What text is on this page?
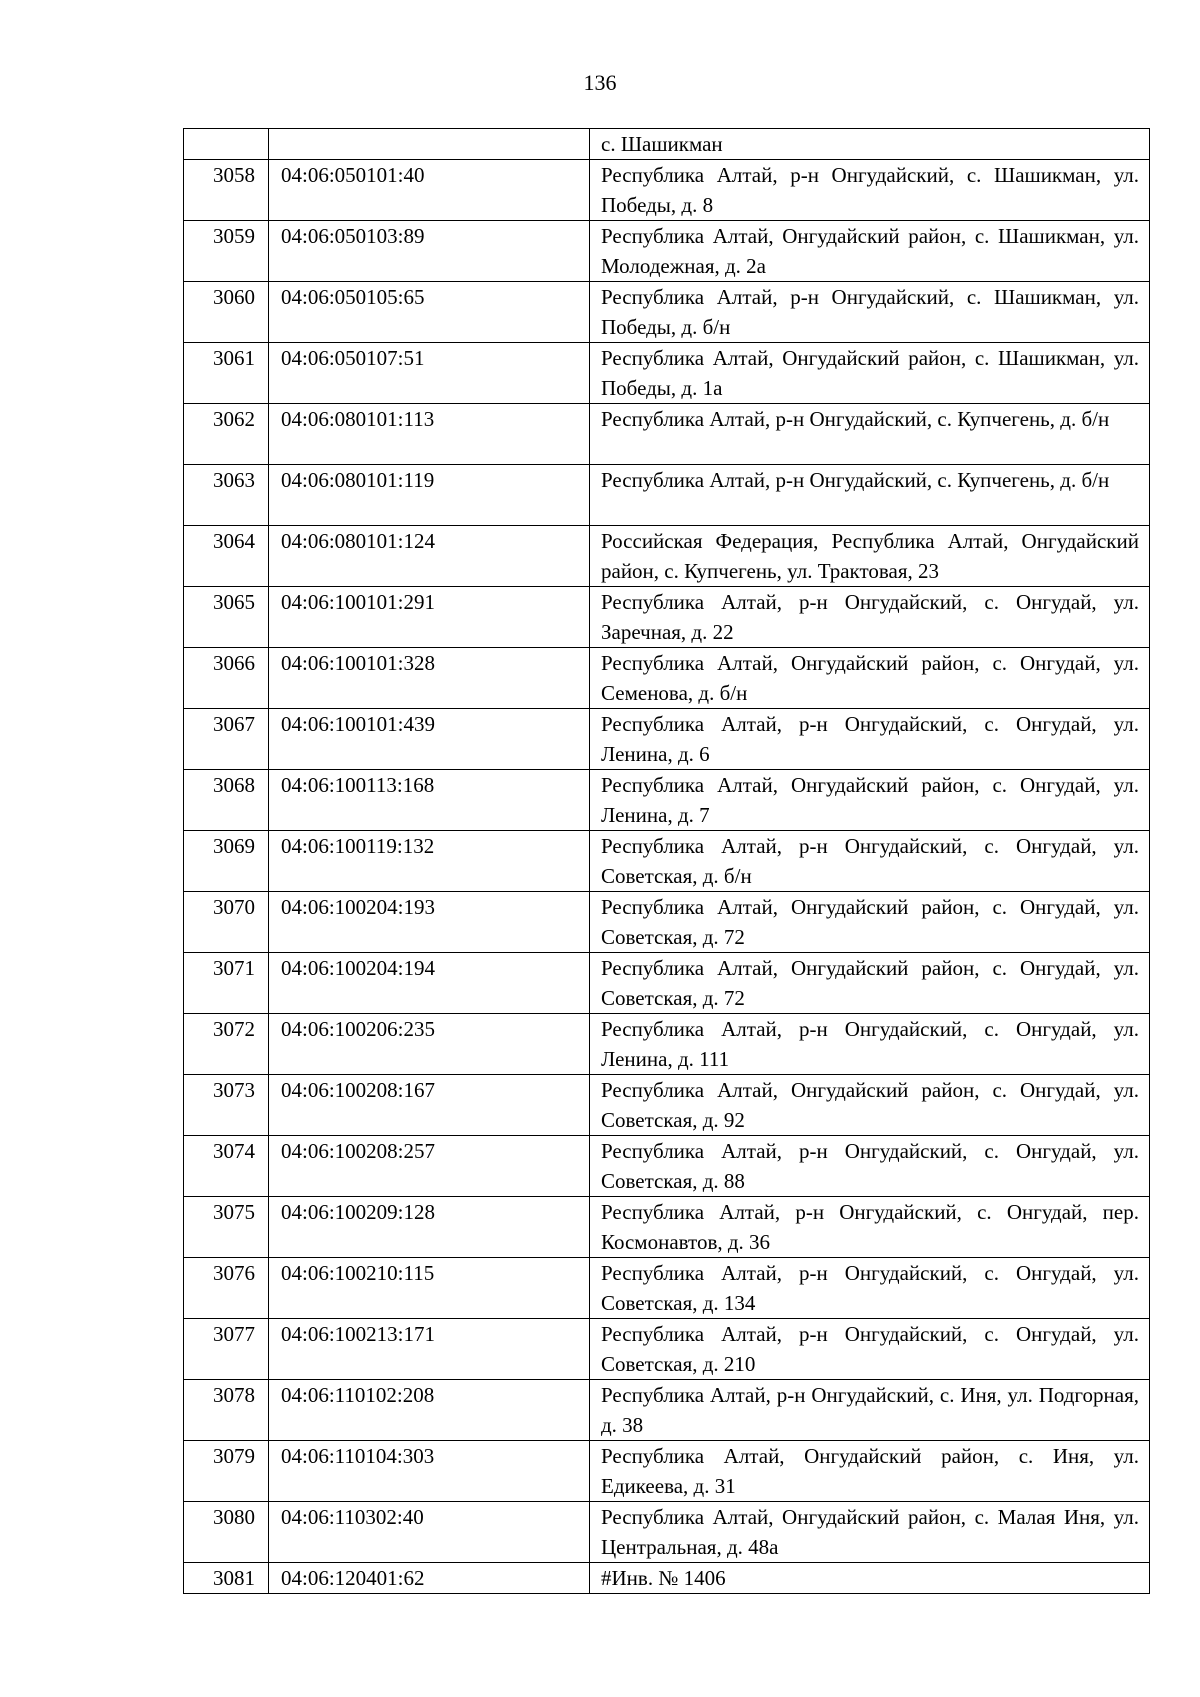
136
		с. Шашикман
3058	04:06:050101:40	Республика Алтай, р-н Онгудайский, с. Шашикман, ул. Победы, д. 8
3059	04:06:050103:89	Республика Алтай, Онгудайский район, с. Шашикман, ул. Молодежная, д. 2а
3060	04:06:050105:65	Республика Алтай, р-н Онгудайский, с. Шашикман, ул. Победы, д. б/н
3061	04:06:050107:51	Республика Алтай, Онгудайский район, с. Шашикман, ул. Победы, д. 1а
3062	04:06:080101:113	Республика Алтай, р-н Онгудайский, с. Купчегень, д. б/н
3063	04:06:080101:119	Республика Алтай, р-н Онгудайский, с. Купчегень, д. б/н
3064	04:06:080101:124	Российская Федерация, Республика Алтай, Онгудайский район, с. Купчегень, ул. Трактовая, 23
3065	04:06:100101:291	Республика Алтай, р-н Онгудайский, с. Онгудай, ул. Заречная, д. 22
3066	04:06:100101:328	Республика Алтай, Онгудайский район, с. Онгудай, ул. Семенова, д. б/н
3067	04:06:100101:439	Республика Алтай, р-н Онгудайский, с. Онгудай, ул. Ленина, д. 6
3068	04:06:100113:168	Республика Алтай, Онгудайский район, с. Онгудай, ул. Ленина, д. 7
3069	04:06:100119:132	Республика Алтай, р-н Онгудайский, с. Онгудай, ул. Советская, д. б/н
3070	04:06:100204:193	Республика Алтай, Онгудайский район, с. Онгудай, ул. Советская, д. 72
3071	04:06:100204:194	Республика Алтай, Онгудайский район, с. Онгудай, ул. Советская, д. 72
3072	04:06:100206:235	Республика Алтай, р-н Онгудайский, с. Онгудай, ул. Ленина, д. 111
3073	04:06:100208:167	Республика Алтай, Онгудайский район, с. Онгудай, ул. Советская, д. 92
3074	04:06:100208:257	Республика Алтай, р-н Онгудайский, с. Онгудай, ул. Советская, д. 88
3075	04:06:100209:128	Республика Алтай, р-н Онгудайский, с. Онгудай, пер. Космонавтов, д. 36
3076	04:06:100210:115	Республика Алтай, р-н Онгудайский, с. Онгудай, ул. Советская, д. 134
3077	04:06:100213:171	Республика Алтай, р-н Онгудайский, с. Онгудай, ул. Советская, д. 210
3078	04:06:110102:208	Республика Алтай, р-н Онгудайский, с. Иня, ул. Подгорная, д. 38
3079	04:06:110104:303	Республика Алтай, Онгудайский район, с. Иня, ул. Едикеева, д. 31
3080	04:06:110302:40	Республика Алтай, Онгудайский район, с. Малая Иня, ул. Центральная, д. 48а
3081	04:06:120401:62	#Инв. № 1406
